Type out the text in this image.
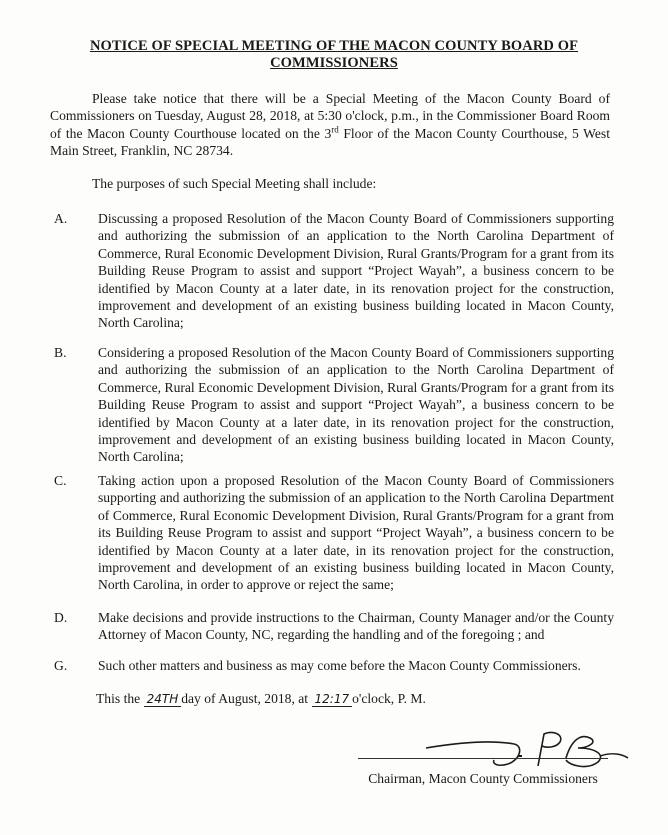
NOTICE OF SPECIAL MEETING OF THE MACON COUNTY BOARD OF
COMMISSIONERS
Please take notice that there will be a Special Meeting of the Macon County Board of Commissioners on Tuesday, August 28, 2018, at 5:30 o'clock, p.m., in the Commissioner Board Room of the Macon County Courthouse located on the 3rd Floor of the Macon County Courthouse, 5 West Main Street, Franklin, NC 28734.
The purposes of such Special Meeting shall include:
A.	Discussing a proposed Resolution of the Macon County Board of Commissioners supporting and authorizing the submission of an application to the North Carolina Department of Commerce, Rural Economic Development Division, Rural Grants/Program for a grant from its Building Reuse Program to assist and support “Project Wayah”, a business concern to be identified by Macon County at a later date, in its renovation project for the construction, improvement and development of an existing business building located in Macon County, North Carolina;
B.	Considering a proposed Resolution of the Macon County Board of Commissioners supporting and authorizing the submission of an application to the North Carolina Department of Commerce, Rural Economic Development Division, Rural Grants/Program for a grant from its Building Reuse Program to assist and support “Project Wayah”, a business concern to be identified by Macon County at a later date, in its renovation project for the construction, improvement and development of an existing business building located in Macon County, North Carolina;
C.	Taking action upon a proposed Resolution of the Macon County Board of Commissioners supporting and authorizing the submission of an application to the North Carolina Department of Commerce, Rural Economic Development Division, Rural Grants/Program for a grant from its Building Reuse Program to assist and support “Project Wayah”, a business concern to be identified by Macon County at a later date, in its renovation project for the construction, improvement and development of an existing business building located in Macon County, North Carolina, in order to approve or reject the same;
D.	Make decisions and provide instructions to the Chairman, County Manager and/or the County Attorney of Macon County, NC, regarding the handling and of the foregoing ; and
G.	Such other matters and business as may come before the Macon County Commissioners.
This the 24TH day of August, 2018, at 12:17 o'clock, P. M.
Chairman, Macon County Commissioners
